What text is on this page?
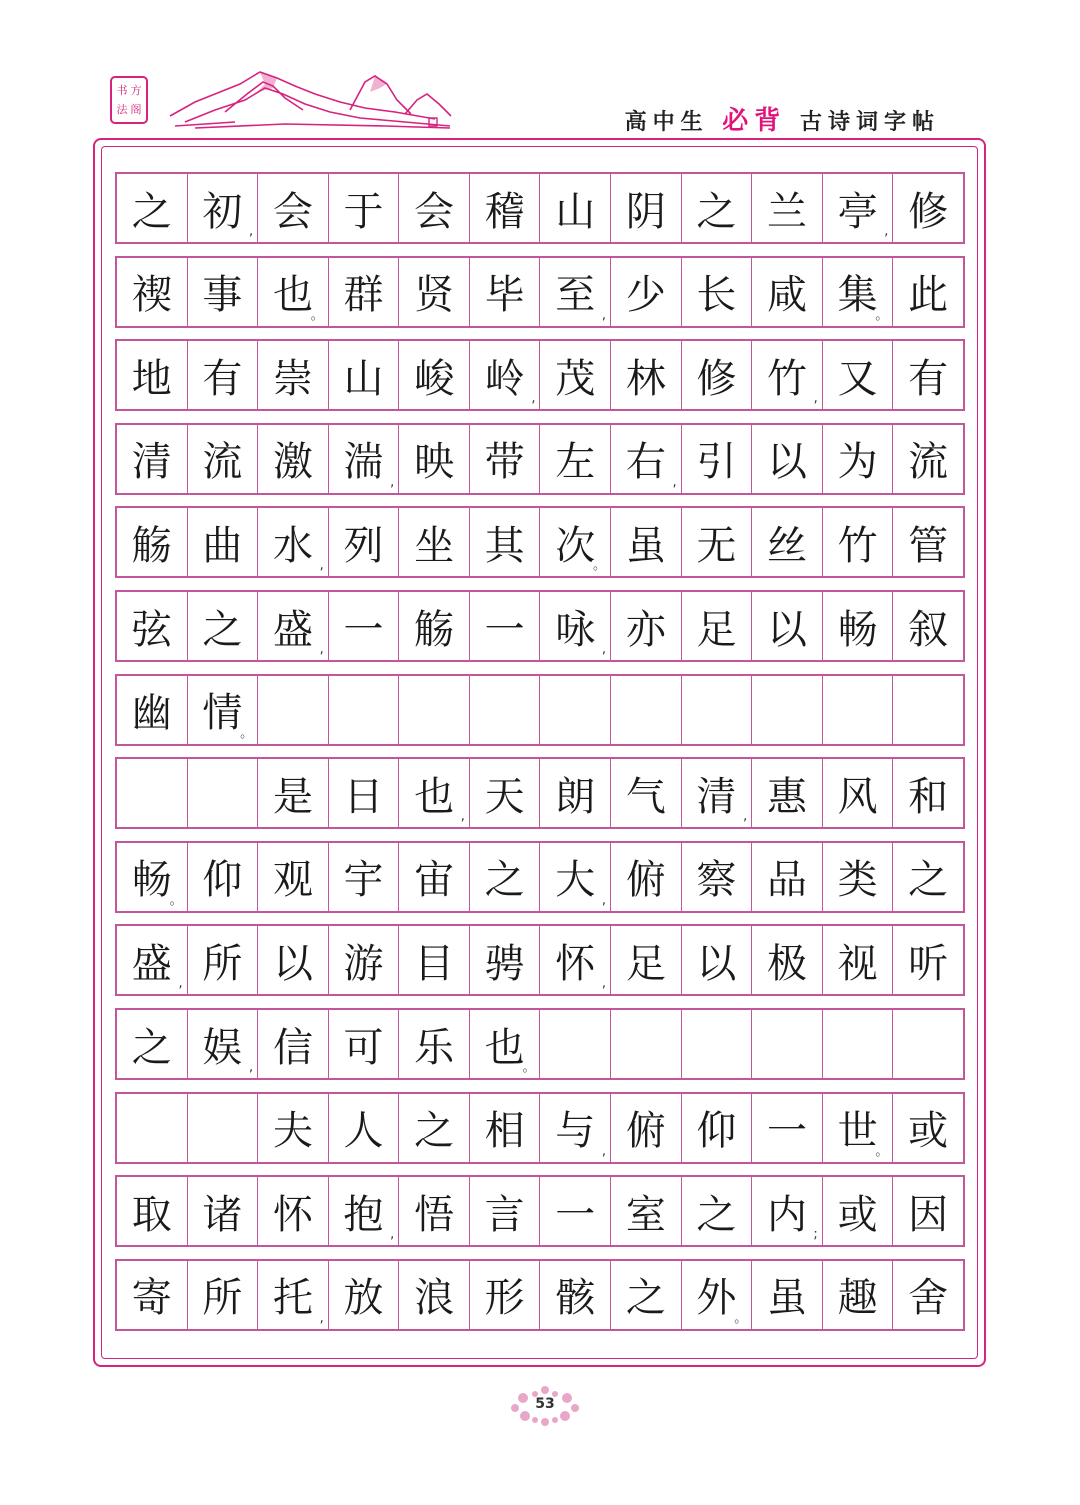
书 方
法 阁
高中生 必背 古诗词字帖
之 初 , 会 于 会 稽 山 阴 之 兰 亭 , 修
禊 事 也
。 群 贤 毕 至 , 少 长 咸 集
。 此
地 有 崇 山 峻 岭 , 茂 林 修 竹 , 又 有
清 流 激 湍 , 映 带 左 右 , 引 以 为 流
觞 曲 水 , 列 坐 其 次
。 虽 无 丝 竹 管
弦 之 盛 , 一 觞 一 咏 , 亦 足 以 畅 叙
幽 情
。
是 日 也 , 天 朗 气 清 , 惠 风 和
畅
。 仰 观 宇 宙 之 大 , 俯 察 品 类 之
盛 , 所 以 游 目 骋 怀 , 足 以 极 视 听
之 娱 , 信 可 乐 也
。
夫 人 之 相 与 , 俯 仰 一 世
。 或
取 诸 怀 抱 , 悟 言 一 室 之 内 ; 或 因
寄 所 托 , 放 浪 形 骸 之 外
。 虽 趣 舍
53
